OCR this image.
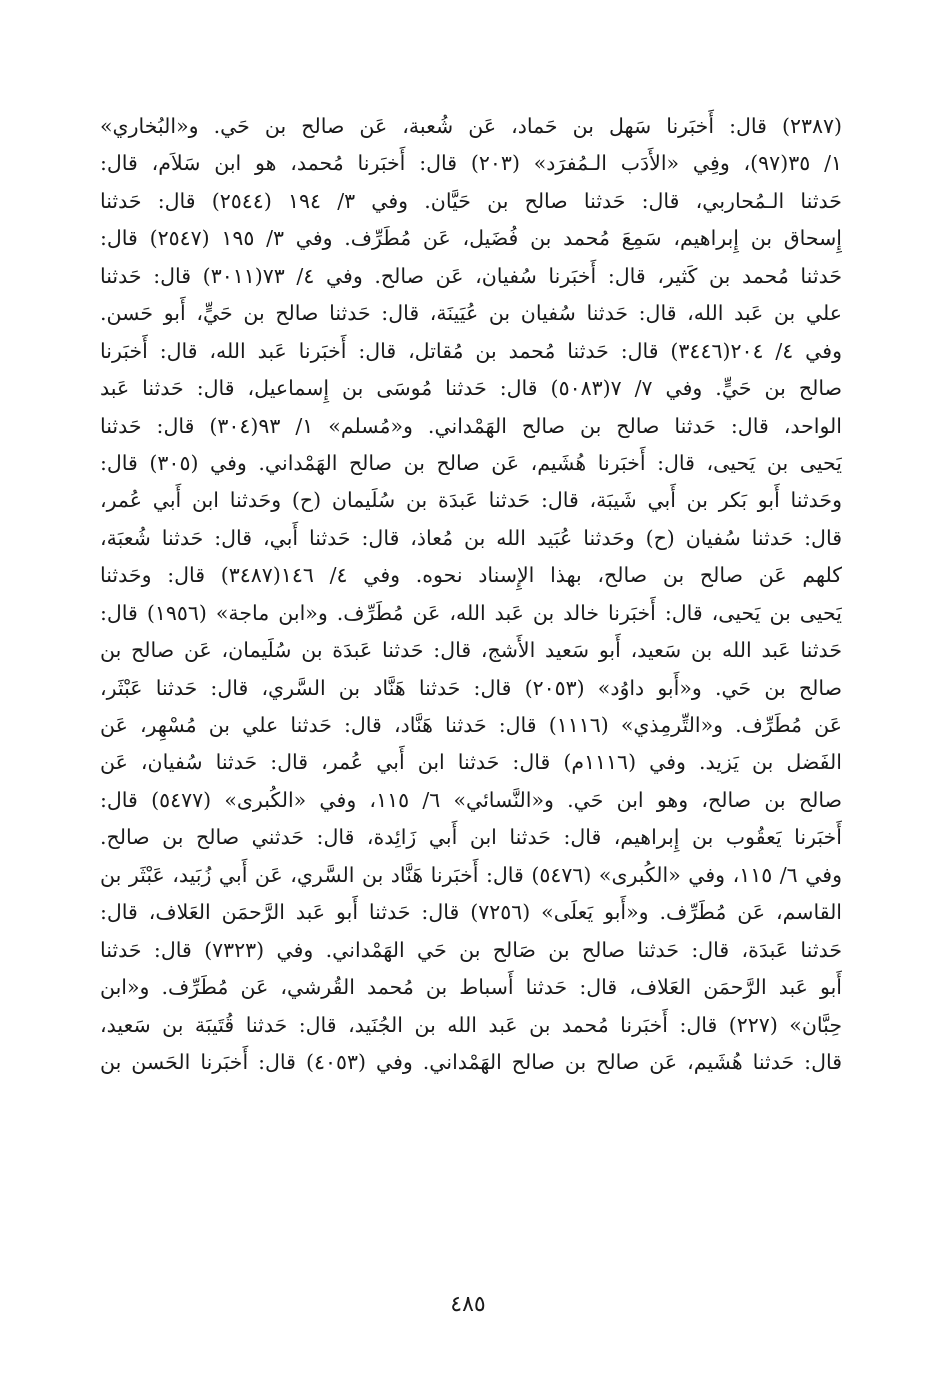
(٢٣٨٧) قال: أَخبَرنا سَهل بن حَماد، عَن شُعبة، عَن صالح بن حَي. و«البُخاري»
١/ ٣٥(٩٧)، وفِي «الأَدَب الـمُفرَد» (٢٠٣) قال: أَخبَرنا مُحمد، هو ابن سَلاَم، قال:
حَدثنا الـمُحاربي، قال: حَدثنا صالح بن حَيَّان. وفي ٣/ ١٩٤ (٢٥٤٤) قال: حَدثنا
إِسحاق بن إِبراهيم، سَمِعَ مُحمد بن فُضَيل، عَن مُطَرِّف. وفي ٣/ ١٩٥ (٢٥٤٧) قال:
حَدثنا مُحمد بن كَثير، قال: أَخبَرنا سُفيان، عَن صالح. وفي ٤/ ٧٣(٣٠١١) قال: حَدثنا
علي بن عَبد الله، قال: حَدثنا سُفيان بن عُيَينَة، قال: حَدثنا صالح بن حَيٍّ، أَبو حَسن.
وفي ٤/ ٢٠٤(٣٤٤٦) قال: حَدثنا مُحمد بن مُقاتل، قال: أَخبَرنا عَبد الله، قال: أَخبَرنا
صالح بن حَيٍّ. وفي ٧/ ٧(٥٠٨٣) قال: حَدثنا مُوسَى بن إِسماعيل، قال: حَدثنا عَبد
الواحد، قال: حَدثنا صالح بن صالح الهَمْداني. و«مُسلم» ١/ ٩٣(٣٠٤) قال: حَدثنا
يَحيى بن يَحيى، قال: أَخبَرنا هُشَيم، عَن صالح بن صالح الهَمْداني. وفي (٣٠٥) قال:
وحَدثنا أَبو بَكر بن أَبي شَيبَة، قال: حَدثنا عَبدَة بن سُلَيمان (ح) وحَدثنا ابن أَبي عُمر،
قال: حَدثنا سُفيان (ح) وحَدثنا عُبَيد الله بن مُعاذ، قال: حَدثنا أَبي، قال: حَدثنا شُعبَة،
كلهم عَن صالح بن صالح، بهذا الإِسناد نحوه. وفي ٤/ ١٤٦(٣٤٨٧) قال: وحَدثنا
يَحيى بن يَحيى، قال: أَخبَرنا خالد بن عَبد الله، عَن مُطَرِّف. و«ابن ماجة» (١٩٥٦) قال:
حَدثنا عَبد الله بن سَعيد، أَبو سَعيد الأَشج، قال: حَدثنا عَبدَة بن سُلَيمان، عَن صالح بن
صالح بن حَي. و«أَبو داوُد» (٢٠٥٣) قال: حَدثنا هَنَّاد بن السَّري، قال: حَدثنا عَبْثَر،
عَن مُطَرِّف. و«التِّرمِذي» (١١١٦) قال: حَدثنا هَنَّاد، قال: حَدثنا علي بن مُسْهِر، عَن
الفَضل بن يَزيد. وفي (١١١٦م) قال: حَدثنا ابن أَبي عُمر، قال: حَدثنا سُفيان، عَن
صالح بن صالح، وهو ابن حَي. و«النَّسائي» ٦/ ١١٥، وفي «الكُبرى» (٥٤٧٧) قال:
أَخبَرنا يَعقُوب بن إِبراهيم، قال: حَدثنا ابن أَبي زَائِدة، قال: حَدثني صالح بن صالح.
وفي ٦/ ١١٥، وفي «الكُبرى» (٥٤٧٦) قال: أَخبَرنا هَنَّاد بن السَّري، عَن أَبي زُبَيد، عَبْثَر بن
القاسم، عَن مُطَرِّف. و«أَبو يَعلَى» (٧٢٥٦) قال: حَدثنا أَبو عَبد الرَّحمَن العَلاف، قال:
حَدثنا عَبدَة، قال: حَدثنا صالح بن صَالح بن حَي الهَمْداني. وفي (٧٣٢٣) قال: حَدثنا
أَبو عَبد الرَّحمَن العَلاف، قال: حَدثنا أَسباط بن مُحمد القُرشي، عَن مُطَرِّف. و«ابن
حِبَّان» (٢٢٧) قال: أَخبَرنا مُحمد بن عَبد الله بن الجُنَيد، قال: حَدثنا قُتَيبَة بن سَعيد،
قال: حَدثنا هُشَيم، عَن صالح بن صالح الهَمْداني. وفي (٤٠٥٣) قال: أَخبَرنا الحَسن بن
٤٨٥
